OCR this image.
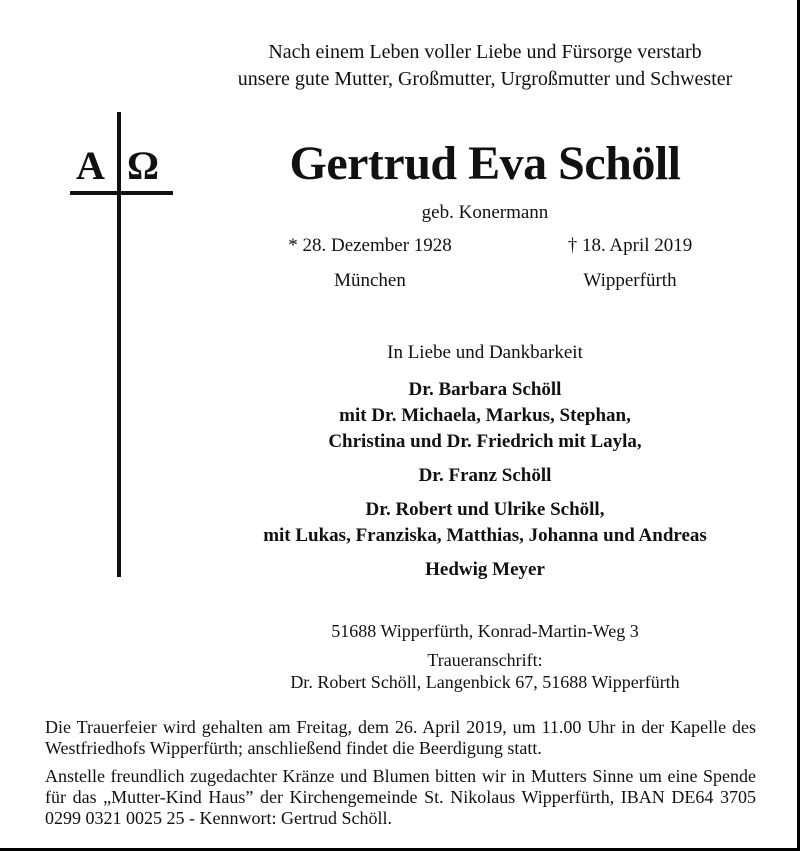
Nach einem Leben voller Liebe und Fürsorge verstarb
unsere gute Mutter, Großmutter, Urgroßmutter und Schwester
A Ω	Gertrud Eva Schöll
geb. Konermann
* 28. Dezember 1928
München
† 18. April 2019
Wipperfürth
In Liebe und Dankbarkeit
Dr. Barbara Schöll
mit Dr. Michaela, Markus, Stephan,
Christina und Dr. Friedrich mit Layla,
Dr. Franz Schöll
Dr. Robert und Ulrike Schöll,
mit Lukas, Franziska, Matthias, Johanna und Andreas
Hedwig Meyer
51688 Wipperfürth, Konrad-Martin-Weg 3
Traueranschrift:
Dr. Robert Schöll, Langenbick 67, 51688 Wipperfürth
Die Trauerfeier wird gehalten am Freitag, dem 26. April 2019, um 11.00 Uhr in der Kapelle des Westfriedhofs Wipperfürth; anschließend findet die Beerdigung statt.
Anstelle freundlich zugedachter Kränze und Blumen bitten wir in Mutters Sinne um eine Spende für das „Mutter-Kind Haus” der Kirchengemeinde St. Nikolaus Wipperfürth, IBAN DE64 3705 0299 0321 0025 25 - Kennwort: Gertrud Schöll.
